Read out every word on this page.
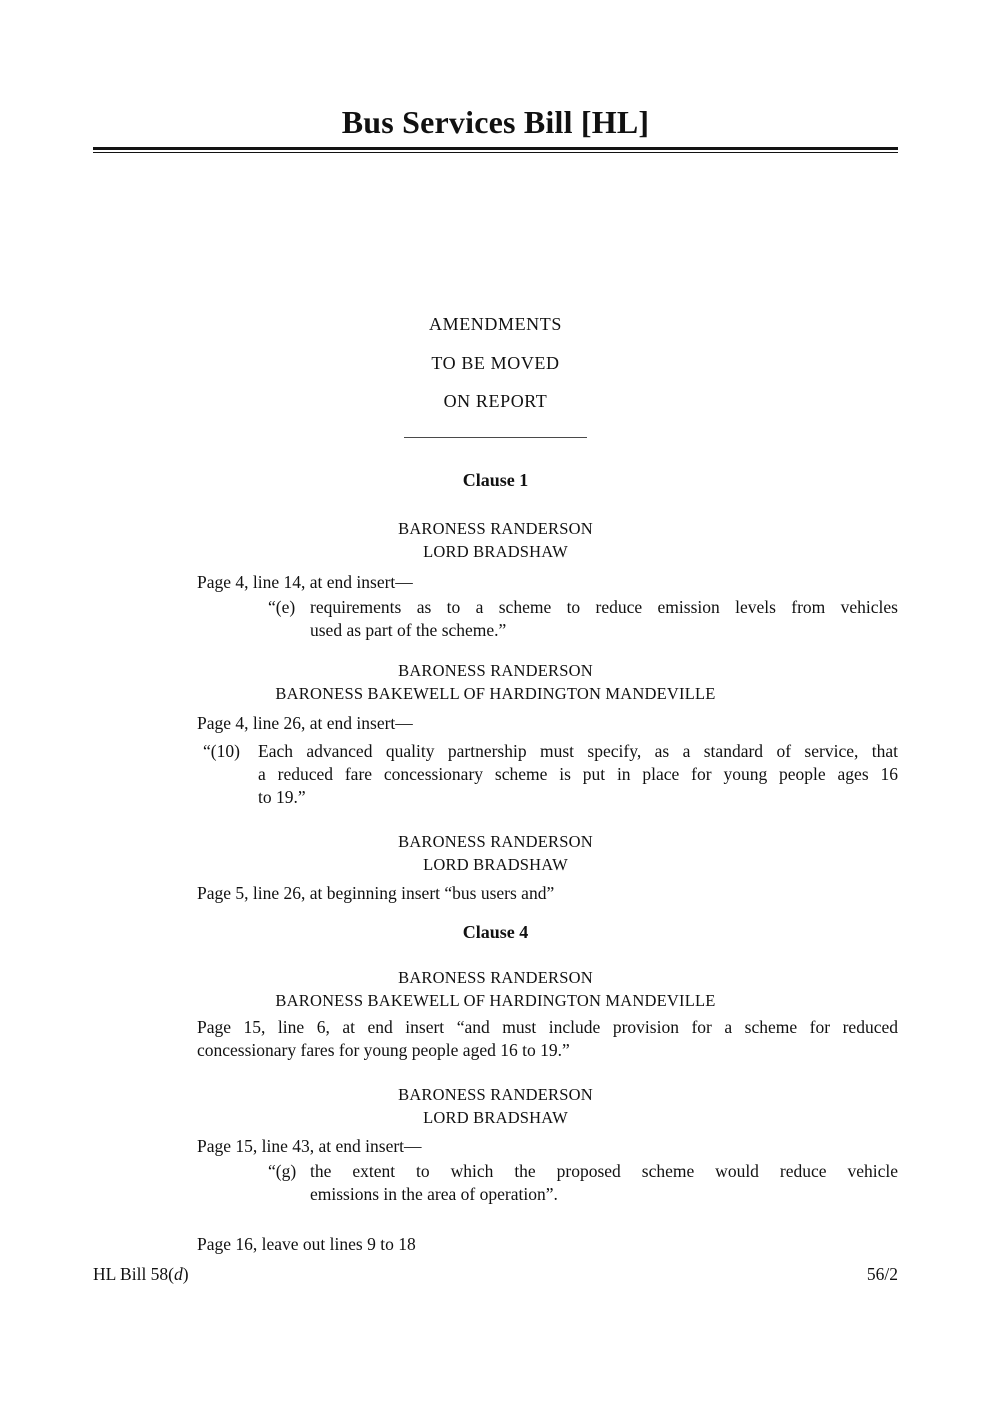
Bus Services Bill [HL]
AMENDMENTS
TO BE MOVED
ON REPORT
Clause 1
BARONESS RANDERSON
LORD BRADSHAW
Page 4, line 14, at end insert—
“(e) requirements as to a scheme to reduce emission levels from vehicles
used as part of the scheme.”
BARONESS RANDERSON
BARONESS BAKEWELL OF HARDINGTON MANDEVILLE
Page 4, line 26, at end insert—
“(10)	Each advanced quality partnership must specify, as a standard of service, that
a reduced fare concessionary scheme is put in place for young people ages 16
to 19.”
BARONESS RANDERSON
LORD BRADSHAW
Page 5, line 26, at beginning insert “bus users and”
Clause 4
BARONESS RANDERSON
BARONESS BAKEWELL OF HARDINGTON MANDEVILLE
Page 15, line 6, at end insert “and must include provision for a scheme for reduced
concessionary fares for young people aged 16 to 19.”
BARONESS RANDERSON
LORD BRADSHAW
Page 15, line 43, at end insert—
“(g) the extent to which the proposed scheme would reduce vehicle
emissions in the area of operation”.
Page 16, leave out lines 9 to 18
HL Bill 58(d)	56/2
